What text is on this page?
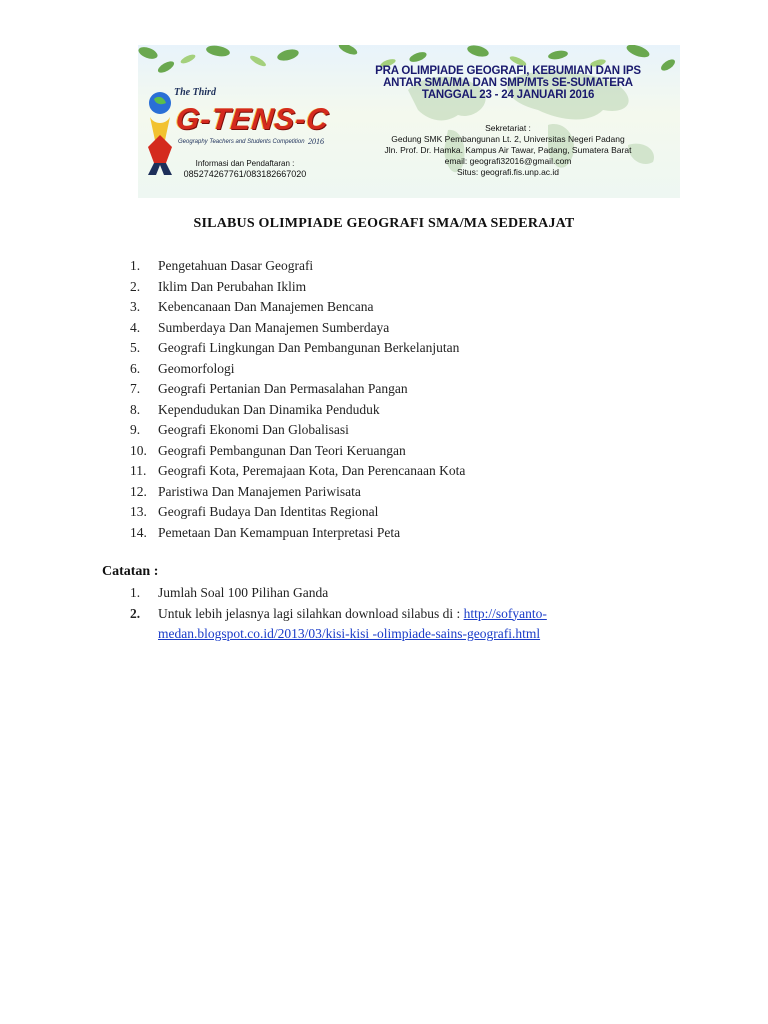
The Third
G-TENS-C
Geography Teachers and Students Competition 2016
Informasi dan Pendaftaran :
085274267761/083182667020
PRA OLIMPIADE GEOGRAFI, KEBUMIAN DAN IPS
ANTAR SMA/MA DAN SMP/MTs SE-SUMATERA
TANGGAL 23 - 24 JANUARI 2016
Sekretariat :
Gedung SMK Pembangunan Lt. 2, Universitas Negeri Padang
Jln. Prof. Dr. Hamka. Kampus Air Tawar, Padang, Sumatera Barat
email: geografi32016@gmail.com
Situs: geografi.fis.unp.ac.id
SILABUS OLIMPIADE GEOGRAFI SMA/MA SEDERAJAT
1.	Pengetahuan Dasar Geografi
2.	Iklim Dan Perubahan Iklim
3.	Kebencanaan Dan Manajemen Bencana
4.	Sumberdaya Dan Manajemen Sumberdaya
5.	Geografi Lingkungan Dan Pembangunan Berkelanjutan
6.	Geomorfologi
7.	Geografi Pertanian Dan Permasalahan Pangan
8.	Kependudukan Dan Dinamika Penduduk
9.	Geografi Ekonomi Dan Globalisasi
10. Geografi Pembangunan Dan Teori Keruangan
11. Geografi Kota, Peremajaan Kota, Dan Perencanaan Kota
12. Paristiwa Dan Manajemen Pariwisata
13. Geografi Budaya Dan Identitas Regional
14. Pemetaan Dan Kemampuan Interpretasi Peta
Catatan :
1.	Jumlah Soal 100 Pilihan Ganda
2.	Untuk lebih jelasnya lagi silahkan download silabus di : http://sofyanto-
medan.blogspot.co.id/2013/03/kisi-kisi -olimpiade-sains-geografi.html
